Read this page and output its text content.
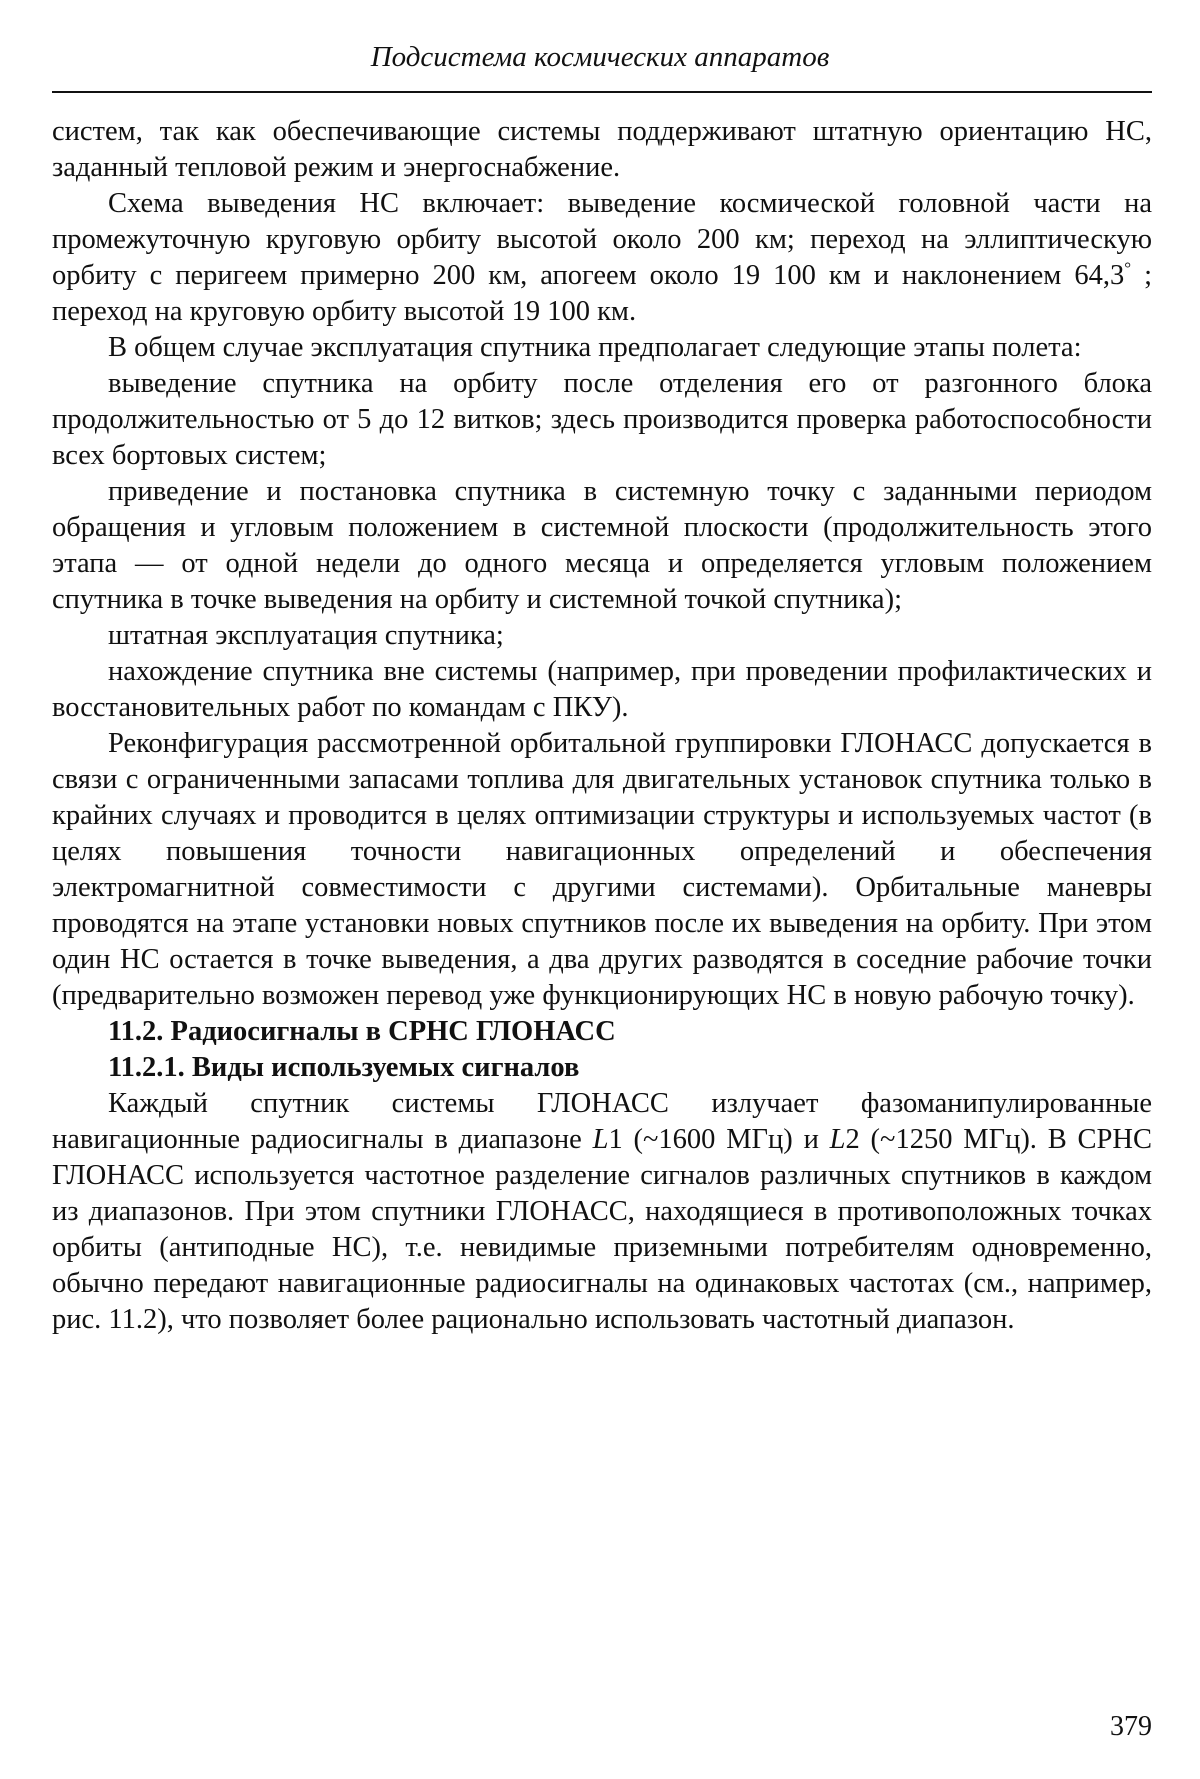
Подсистема космических аппаратов

систем, так как обеспечивающие системы поддерживают штатную ориентацию НС, заданный тепловой режим и энергоснабжение.

Схема выведения НС включает: выведение космической головной части на промежуточную круговую орбиту высотой около 200 км; переход на эллиптическую орбиту с перигеем примерно 200 км, апогеем около 19 100 км и наклонением 64,3° ; переход на круговую орбиту высотой 19 100 км.

В общем случае эксплуатация спутника предполагает следующие этапы полета:

выведение спутника на орбиту после отделения его от разгонного блока продолжительностью от 5 до 12 витков; здесь производится проверка работоспособности всех бортовых систем;

приведение и постановка спутника в системную точку с заданными периодом обращения и угловым положением в системной плоскости (продолжительность этого этапа — от одной недели до одного месяца и определяется угловым положением спутника в точке выведения на орбиту и системной точкой спутника);

штатная эксплуатация спутника;

нахождение спутника вне системы (например, при проведении профилактических и восстановительных работ по командам с ПКУ).

Реконфигурация рассмотренной орбитальной группировки ГЛОНАСС допускается в связи с ограниченными запасами топлива для двигательных установок спутника только в крайних случаях и проводится в целях оптимизации структуры и используемых частот (в целях повышения точности навигационных определений и обеспечения электромагнитной совместимости с другими системами). Орбитальные маневры проводятся на этапе установки новых спутников после их выведения на орбиту. При этом один НС остается в точке выведения, а два других разводятся в соседние рабочие точки (предварительно возможен перевод уже функционирующих НС в новую рабочую точку).

11.2. Радиосигналы в СРНС ГЛОНАСС

11.2.1. Виды используемых сигналов

Каждый спутник системы ГЛОНАСС излучает фазоманипулированные навигационные радиосигналы в диапазоне L1 (~1600 МГц) и L2 (~1250 МГц). В СРНС ГЛОНАСС используется частотное разделение сигналов различных спутников в каждом из диапазонов. При этом спутники ГЛОНАСС, находящиеся в противоположных точках орбиты (антиподные НС), т.е. невидимые приземными потребителям одновременно, обычно передают навигационные радиосигналы на одинаковых частотах (см., например, рис. 11.2), что позволяет более рационально использовать частотный диапазон.

379
